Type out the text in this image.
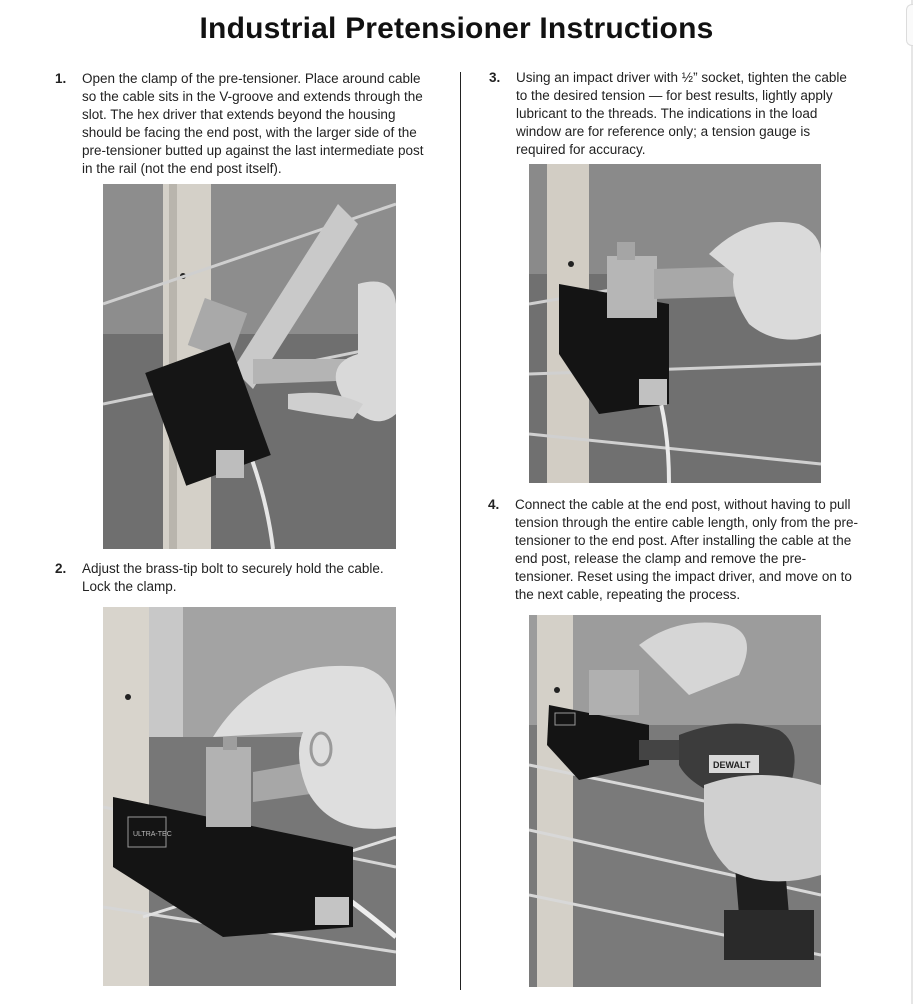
Industrial Pretensioner Instructions
1. Open the clamp of the pre-tensioner. Place around cable so the cable sits in the V-groove and extends through the slot. The hex driver that extends beyond the housing should be facing the end post, with the larger side of the pre-tensioner butted up against the last intermediate post in the rail (not the end post itself).
2. Adjust the brass-tip bolt to securely hold the cable. Lock the clamp.
ULTRA-TEC
3. Using an impact driver with ½” socket, tighten the cable to the desired tension — for best results, lightly apply lubricant to the threads. The indications in the load window are for reference only; a tension gauge is required for accuracy.
4. Connect the cable at the end post, without having to pull tension through the entire cable length, only from the pre-tensioner to the end post. After installing the cable at the end post, release the clamp and remove the pre-tensioner. Reset using the impact driver, and move on to the next cable, repeating the process.
DEWALT
